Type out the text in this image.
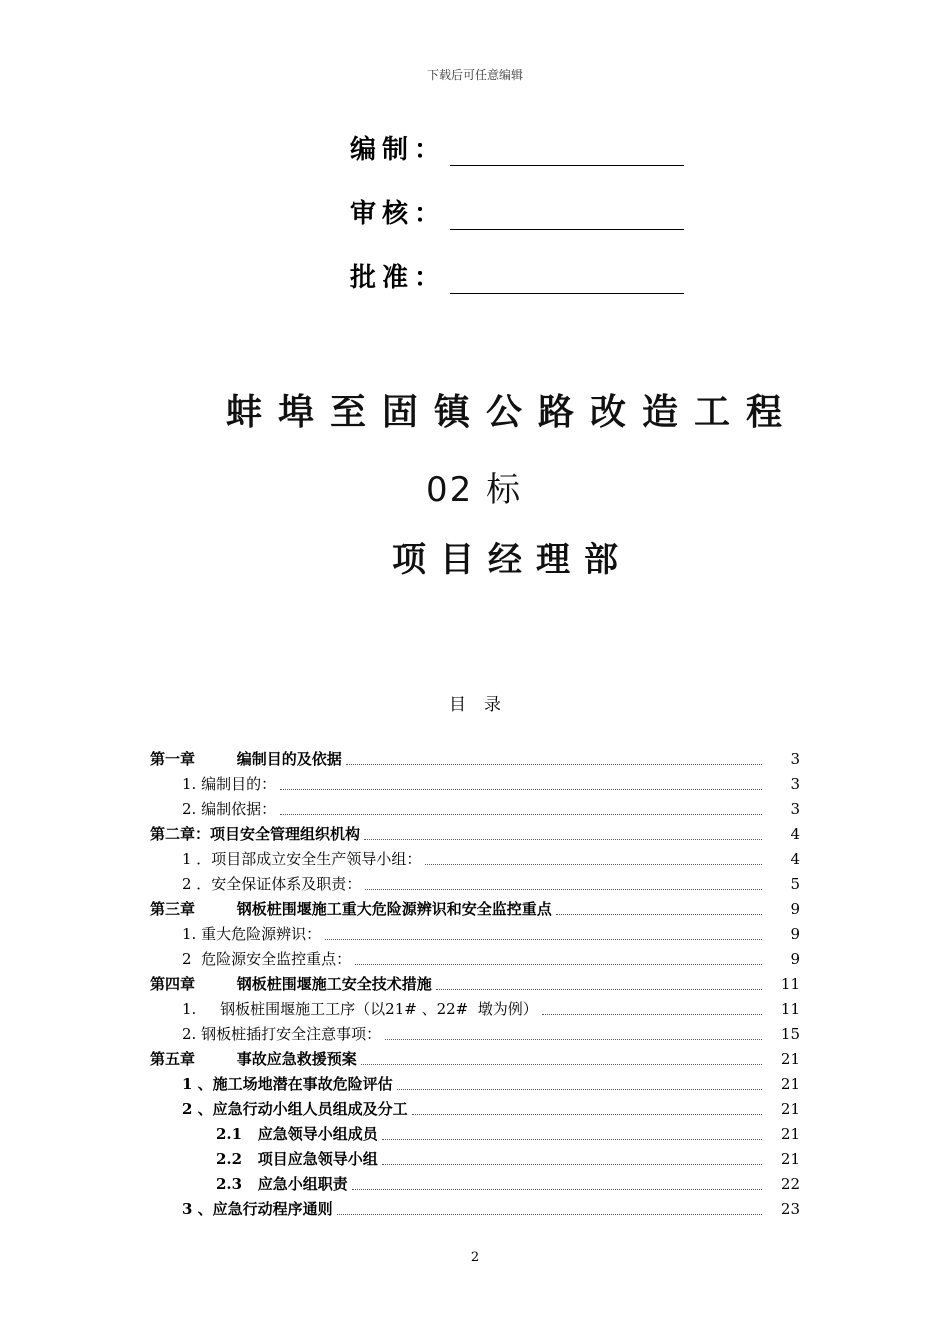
下载后可任意编辑
编制：
审核：
批准：
蚌埠至固镇公路改造工程
02 标
项目经理部
目录
第一章        编制目的及依据	3
1. 编制目的：	3
2. 编制依据：	3
第二章：项目安全管理组织机构	4
1 ．项目部成立安全生产领导小组：	4
2 ．安全保证体系及职责：	5
第三章        钢板桩围堰施工重大危险源辨识和安全监控重点	9
1. 重大危险源辨识：	9
2  危险源安全监控重点：	9
第四章        钢板桩围堰施工安全技术措施	11
1.     钢板桩围堰施工工序（以21# 、22#  墩为例）	11
2. 钢板桩插打安全注意事项：	15
第五章        事故应急救援预案	21
1 、施工场地潜在事故危险评估	21
2 、应急行动小组人员组成及分工	21
2.1   应急领导小组成员	21
2.2   项目应急领导小组	21
2.3   应急小组职责	22
3 、应急行动程序通则	23
2
